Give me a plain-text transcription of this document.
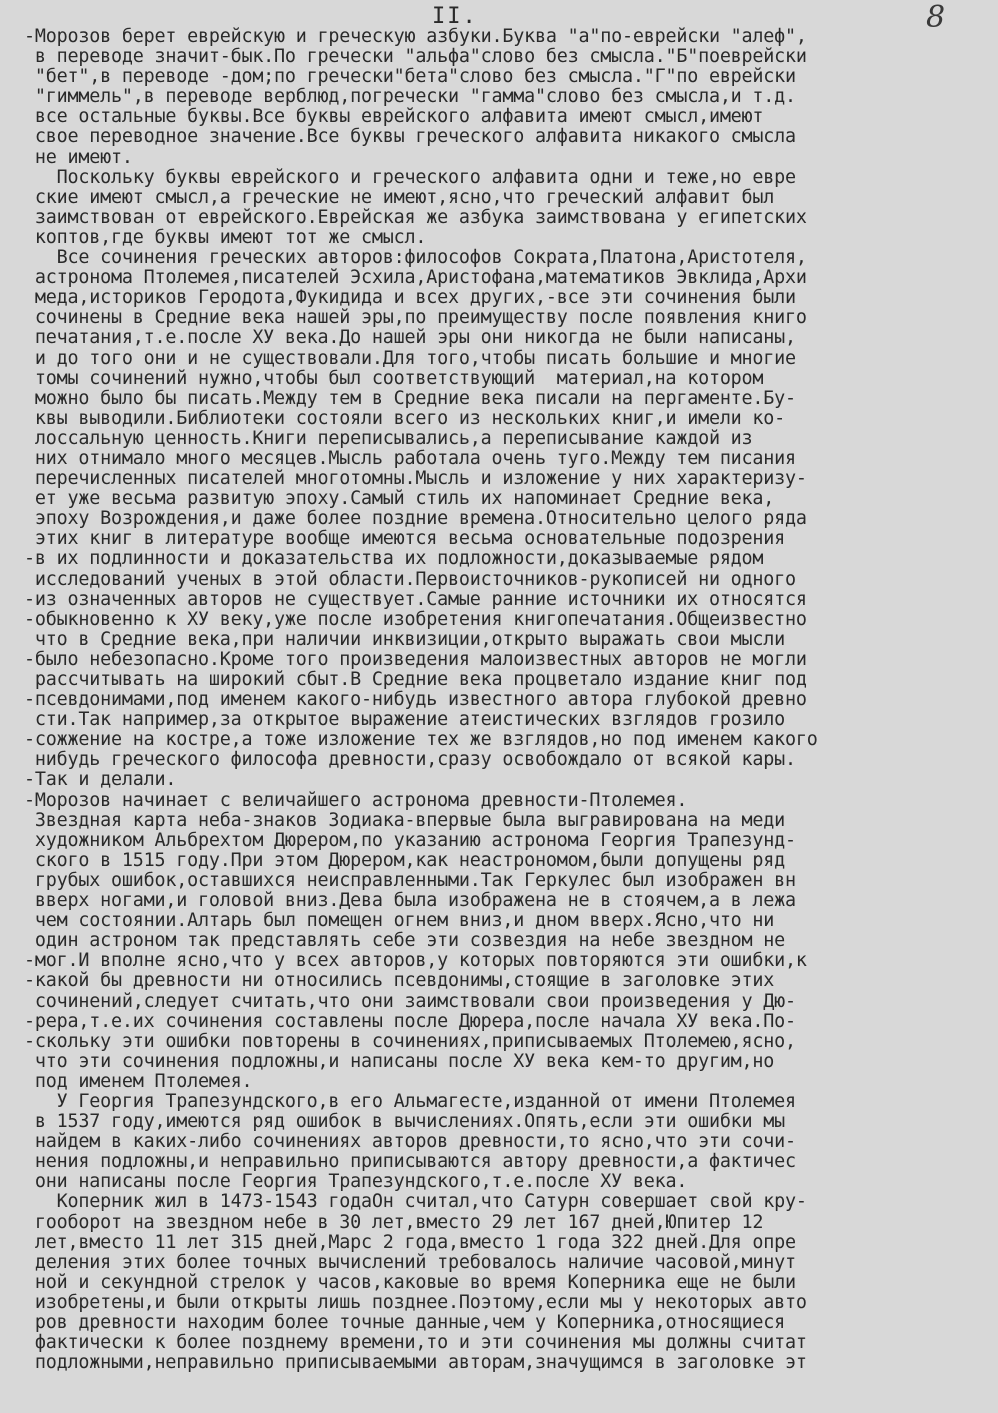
II.	8
-Морозов берет еврейскую и греческую азбуки.Буква "а"по-еврейски "алеф",
в переводе значит-бык.По гречески "альфа"слово без смысла."Б"поеврейски
"бет",в переводе -дом;по гречески"бета"слово без смысла."Г"по еврейски
"гиммель",в переводе верблюд,погречески "гамма"слово без смысла,и т.д.
все остальные буквы.Все буквы еврейского алфавита имеют смысл,имеют
свое переводное значение.Все буквы греческого алфавита никакого смысла
не имеют.
Поскольку буквы еврейского и греческого алфавита одни и теже,но евре
ские имеют смысл,а греческие не имеют,ясно,что греческий алфавит был
заимствован от еврейского.Еврейская же азбука заимствована у египетских
коптов,где буквы имеют тот же смысл.
Все сочинения греческих авторов:философов Сократа,Платона,Аристотеля,
астронома Птолемея,писателей Эсхила,Аристофана,математиков Эвклида,Архи
меда,историков Геродота,Фукидида и всех других,-все эти сочинения были
сочинены в Средние века нашей эры,по преимуществу после появления книго
печатания,т.е.после ХУ века.До нашей эры они никогда не были написаны,
и до того они и не существовали.Для того,чтобы писать большие и многие
томы сочинений нужно,чтобы был соответствующий  материал,на котором
можно было бы писать.Между тем в Средние века писали на пергаменте.Бу-
квы выводили.Библиотеки состояли всего из нескольких книг,и имели ко-
лоссальную ценность.Книги переписывались,а переписывание каждой из
них отнимало много месяцев.Мысль работала очень туго.Между тем писания
перечисленных писателей многотомны.Мысль и изложение у них характеризу-
ет уже весьма развитую эпоху.Самый стиль их напоминает Средние века,
эпоху Возрождения,и даже более поздние времена.Относительно целого ряда
этих книг в литературе вообще имеются весьма основательные подозрения
-в их подлинности и доказательства их подложности,доказываемые рядом
исследований ученых в этой области.Первоисточников-рукописей ни одного
-из означенных авторов не существует.Самые ранние источники их относятся
-обыкновенно к ХУ веку,уже после изобретения книгопечатания.Общеизвестно
что в Средние века,при наличии инквизиции,открыто выражать свои мысли
-было небезопасно.Кроме того произведения малоизвестных авторов не могли
рассчитывать на широкий сбыт.В Средние века процветало издание книг под
-псевдонимами,под именем какого-нибудь известного автора глубокой древно
сти.Так например,за открытое выражение атеистических взглядов грозило
-сожжение на костре,а тоже изложение тех же взглядов,но под именем какого
нибудь греческого философа древности,сразу освобождало от всякой кары.
-Так и делали.
-Морозов начинает с величайшего астронома древности-Птолемея.
Звездная карта неба-знаков Зодиака-впервые была выгравирована на меди
художником Альбрехтом Дюрером,по указанию астронома Георгия Трапезунд-
ского в 1515 году.При этом Дюрером,как неастрономом,были допущены ряд
грубых ошибок,оставшихся неисправленными.Так Геркулес был изображен вн
вверх ногами,и головой вниз.Дева была изображена не в стоячем,а в лежа
чем состоянии.Алтарь был помещен огнем вниз,и дном вверх.Ясно,что ни
один астроном так представлять себе эти созвездия на небе звездном не
-мог.И вполне ясно,что у всех авторов,у которых повторяются эти ошибки,к
-какой бы древности ни относились псевдонимы,стоящие в заголовке этих
сочинений,следует считать,что они заимствовали свои произведения у Дю-
-рера,т.е.их сочинения составлены после Дюрера,после начала ХУ века.По-
-скольку эти ошибки повторены в сочинениях,приписываемых Птолемею,ясно,
что эти сочинения подложны,и написаны после ХУ века кем-то другим,но
под именем Птолемея.
У Георгия Трапезундского,в его Альмагесте,изданной от имени Птолемея
в 1537 году,имеются ряд ошибок в вычислениях.Опять,если эти ошибки мы
найдем в каких-либо сочинениях авторов древности,то ясно,что эти сочи-
нения подложны,и неправильно приписываются автору древности,а фактичес
они написаны после Георгия Трапезундского,т.е.после ХУ века.
Коперник жил в 1473-1543 годаОн считал,что Сатурн совершает свой кру-
гооборот на звездном небе в 30 лет,вместо 29 лет 167 дней,Юпитер 12
лет,вместо 11 лет 315 дней,Марс 2 года,вместо 1 года 322 дней.Для опре
деления этих более точных вычислений требовалось наличие часовой,минут
ной и секундной стрелок у часов,каковые во время Коперника еще не были
изобретены,и были открыты лишь позднее.Поэтому,если мы у некоторых авто
ров древности находим более точные данные,чем у Коперника,относящиеся
фактически к более позднему времени,то и эти сочинения мы должны считат
подложными,неправильно приписываемыми авторам,значущимся в заголовке эт
